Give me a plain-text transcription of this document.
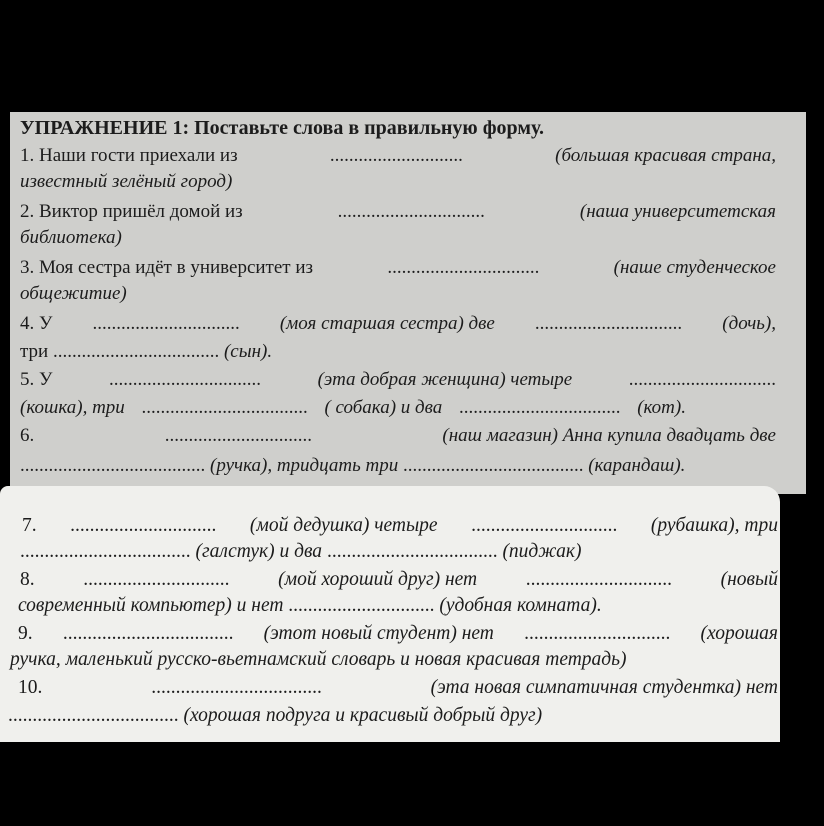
УПРАЖНЕНИЕ 1: Поставьте слова в правильную форму.
1. Наши гости приехали из	............................	(большая красивая страна,
известный зелёный город)
2. Виктор пришёл домой из	...............................	(наша университетская
библиотека)
3. Моя сестра идёт в университет из	................................	(наше студенческое
общежитие)
4. У ............................... (моя старшая сестра) две ............................... (дочь),
три ................................... (сын).
5. У	................................	(эта добрая женщина) четыре	...............................
(кошка), три ................................... ( собака) и два .................................. (кот).
6.	...............................	(наш магазин) Анна купила двадцать две
....................................... (ручка), тридцать три ...................................... (карандаш).
7. .............................. (мой дедушка) четыре .............................. (рубашка), три
................................... (галстук) и два ................................... (пиджак)
8. .............................. (мой хороший друг) нет .............................. (новый
современный компьютер) и нет .............................. (удобная комната).
9. ................................... (этот новый студент) нет .............................. (хорошая
ручка, маленький русско-вьетнамский словарь и новая красивая тетрадь)
10.	...................................	(эта новая симпатичная студентка) нет
................................... (хорошая подруга и красивый добрый друг)
